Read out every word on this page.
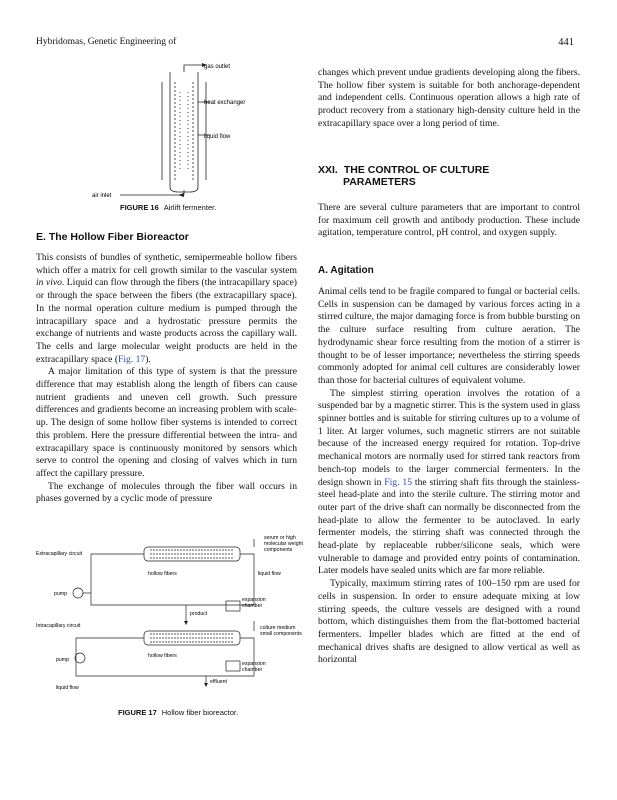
Hybridomas, Genetic Engineering of	441
gas outlet
heat exchanger
liquid flow
air inlet
FIGURE 16 Airlift fermenter.
E. The Hollow Fiber Bioreactor

This consists of bundles of synthetic, semipermeable hollow fibers which offer a matrix for cell growth similar to the vascular system in vivo. Liquid can flow through the fibers (the intracapillary space) or through the space between the fibers (the extracapillary space). In the normal operation culture medium is pumped through the intracapillary space and a hydrostatic pressure permits the exchange of nutrients and waste products across the capillary wall. The cells and large molecular weight products are held in the extracapillary space (Fig. 17).

A major limitation of this type of system is that the pressure difference that may establish along the length of fibers can cause nutrient gradients and uneven cell growth. Such pressure differences and gradients become an increasing problem with scale-up. The design of some hollow fiber systems is intended to correct this problem. Here the pressure differential between the intra- and extracapillary space is continuously monitored by sensors which serve to control the opening and closing of valves which in turn affect the capillary pressure.

The exchange of molecules through the fiber wall occurs in phases governed by a cyclic mode of pressure

serum or high
molecular weight
components
Extracapillary circuit
hollow fibers	liquid flow
pump
expansion
chamber
product
Intracapillary circuit	culture medium
small components
hollow fibers
pump
expansion
chamber
effluent
liquid flow
FIGURE 17 Hollow fiber bioreactor.

changes which prevent undue gradients developing along the fibers. The hollow fiber system is suitable for both anchorage-dependent and independent cells. Continuous operation allows a high rate of product recovery from a stationary high-density culture held in the extracapillary space over a long period of time.

XXI. THE CONTROL OF CULTURE
PARAMETERS

There are several culture parameters that are important to control for maximum cell growth and antibody production. These include agitation, temperature control, pH control, and oxygen supply.

A. Agitation

Animal cells tend to be fragile compared to fungal or bacterial cells. Cells in suspension can be damaged by various forces acting in a stirred culture, the major damaging force is from bubble bursting on the culture surface resulting from culture aeration. The hydrodynamic shear force resulting from the motion of a stirrer is thought to be of lesser importance; nevertheless the stirring speeds commonly adopted for animal cell cultures are considerably lower than those for bacterial cultures of equivalent volume.

The simplest stirring operation involves the rotation of a suspended bar by a magnetic stirrer. This is the system used in glass spinner bottles and is suitable for stirring cultures up to a volume of 1 liter. At larger volumes, such magnetic stirrers are not suitable because of the increased energy required for rotation. Top-drive mechanical motors are normally used for stirred tank reactors from bench-top models to the larger commercial fermenters. In the design shown in Fig. 15 the stirring shaft fits through the stainless-steel head-plate and into the sterile culture. The stirring motor and outer part of the drive shaft can normally be disconnected from the head-plate to allow the fermenter to be autoclaved. In early fermenter models, the stirring shaft was connected through the head-plate by replaceable rubber/silicone seals, which were vulnerable to damage and provided entry points of contamination. Later models have sealed units which are far more reliable.

Typically, maximum stirring rates of 100–150 rpm are used for cells in suspension. In order to ensure adequate mixing at low stirring speeds, the culture vessels are designed with a round bottom, which distinguishes them from the flat-bottomed bacterial fermenters. Impeller blades which are fitted at the end of mechanical drives shafts are designed to allow vertical as well as horizontal
